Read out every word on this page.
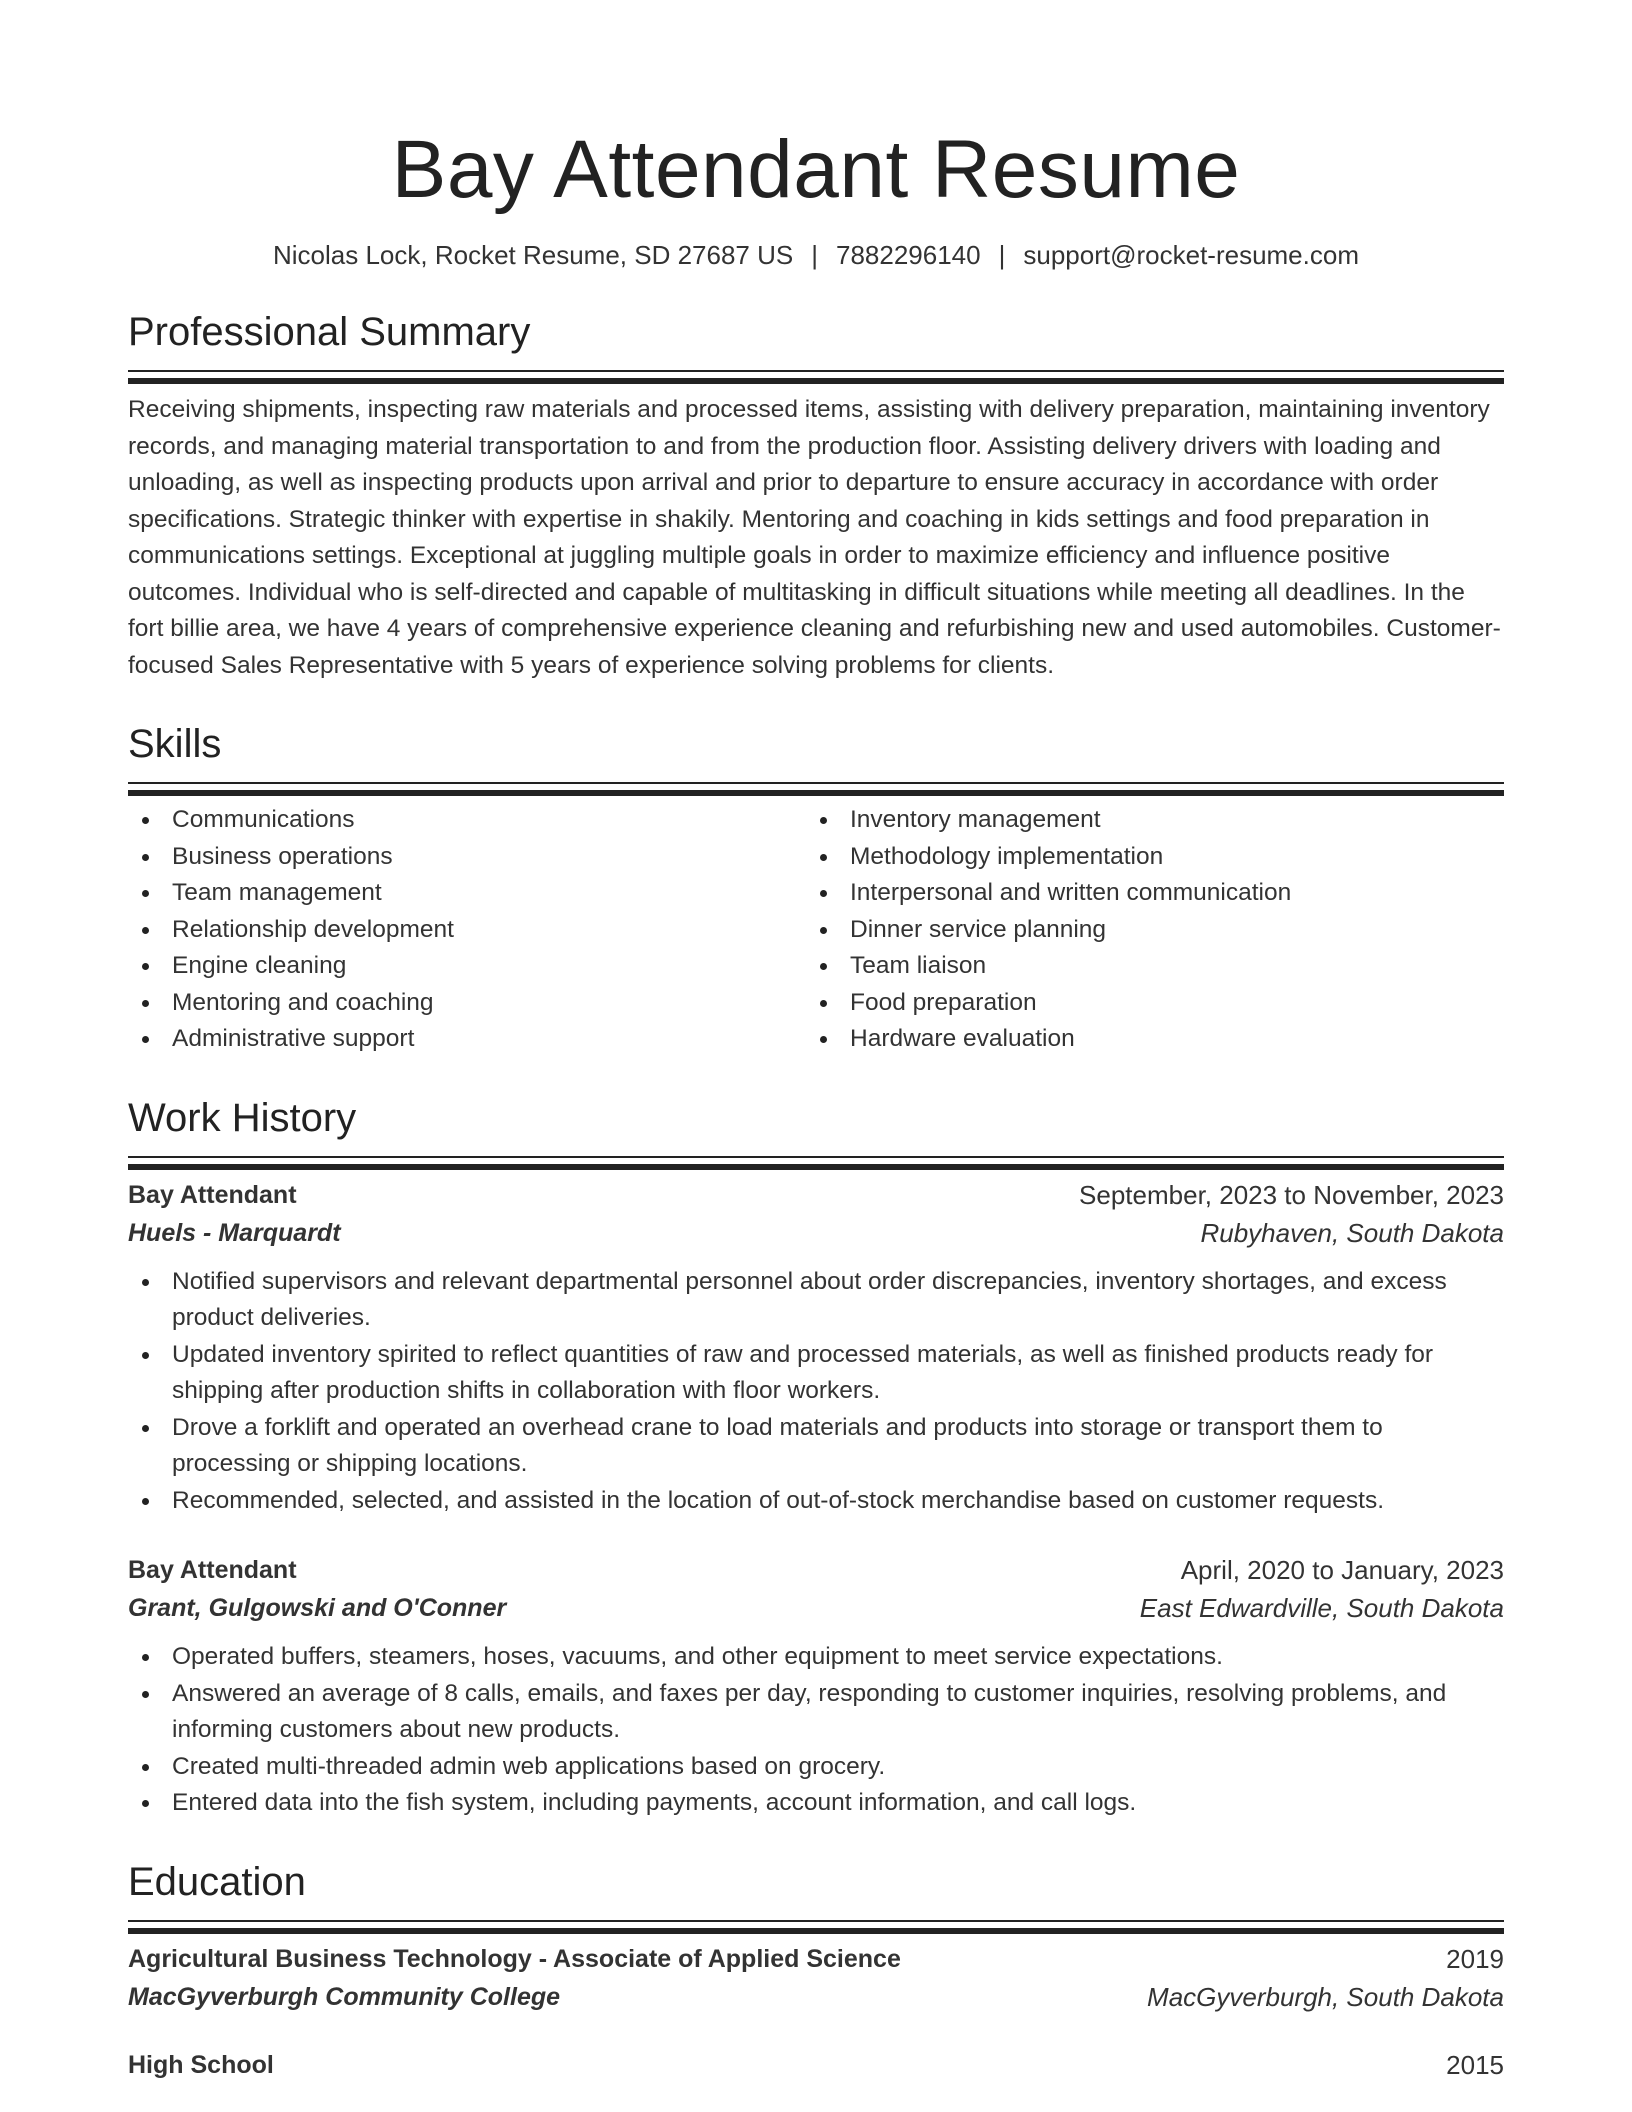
Bay Attendant Resume
Nicolas Lock, Rocket Resume, SD 27687 US | 7882296140 | support@rocket-resume.com
Professional Summary
Receiving shipments, inspecting raw materials and processed items, assisting with delivery preparation, maintaining inventory records, and managing material transportation to and from the production floor. Assisting delivery drivers with loading and unloading, as well as inspecting products upon arrival and prior to departure to ensure accuracy in accordance with order specifications. Strategic thinker with expertise in shakily. Mentoring and coaching in kids settings and food preparation in communications settings. Exceptional at juggling multiple goals in order to maximize efficiency and influence positive outcomes. Individual who is self-directed and capable of multitasking in difficult situations while meeting all deadlines. In the fort billie area, we have 4 years of comprehensive experience cleaning and refurbishing new and used automobiles. Customer-focused Sales Representative with 5 years of experience solving problems for clients.
Skills
Communications
Business operations
Team management
Relationship development
Engine cleaning
Mentoring and coaching
Administrative support
Inventory management
Methodology implementation
Interpersonal and written communication
Dinner service planning
Team liaison
Food preparation
Hardware evaluation
Work History
Bay Attendant	September, 2023 to November, 2023
Huels - Marquardt	Rubyhaven, South Dakota
Notified supervisors and relevant departmental personnel about order discrepancies, inventory shortages, and excess product deliveries.
Updated inventory spirited to reflect quantities of raw and processed materials, as well as finished products ready for shipping after production shifts in collaboration with floor workers.
Drove a forklift and operated an overhead crane to load materials and products into storage or transport them to processing or shipping locations.
Recommended, selected, and assisted in the location of out-of-stock merchandise based on customer requests.
Bay Attendant	April, 2020 to January, 2023
Grant, Gulgowski and O'Conner	East Edwardville, South Dakota
Operated buffers, steamers, hoses, vacuums, and other equipment to meet service expectations.
Answered an average of 8 calls, emails, and faxes per day, responding to customer inquiries, resolving problems, and informing customers about new products.
Created multi-threaded admin web applications based on grocery.
Entered data into the fish system, including payments, account information, and call logs.
Education
Agricultural Business Technology - Associate of Applied Science	2019
MacGyverburgh Community College	MacGyverburgh, South Dakota
High School	2015
